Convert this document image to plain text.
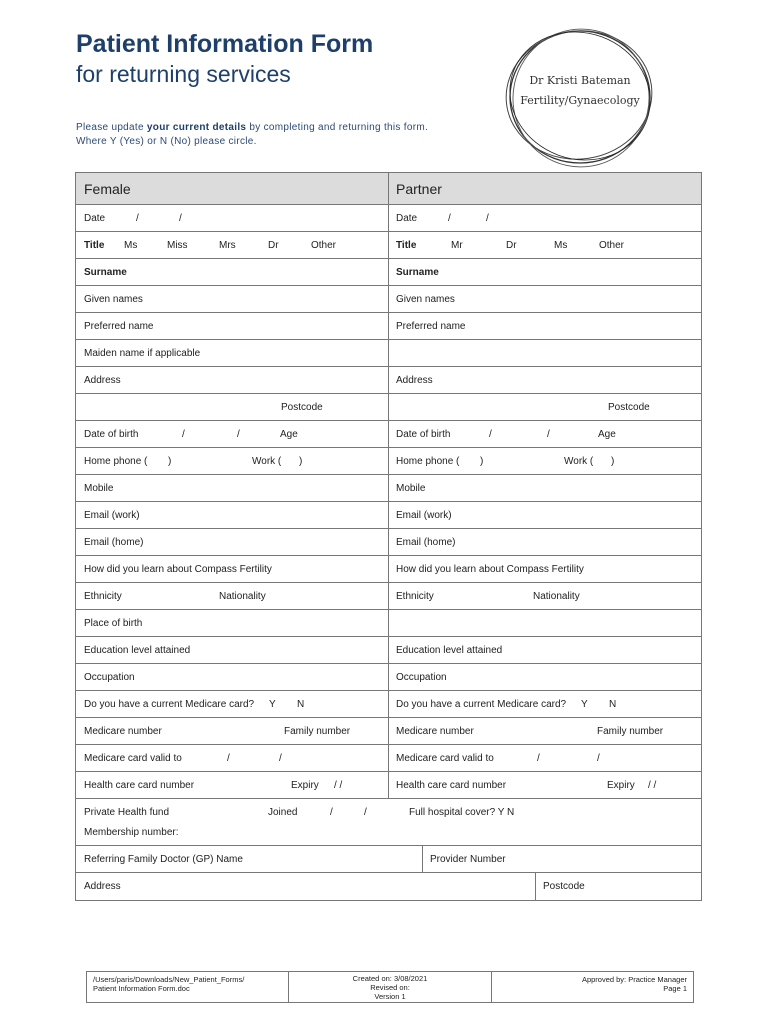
Patient Information Form
for returning services
Please update your current details by completing and returning this form. Where Y (Yes) or N (No) please circle.
Dr Kristi Bateman
Fertility/Gynaecology
Female	Partner
Date	/	/	Date	/	/
Title Ms	Miss	Mrs	Dr	Other	Title	Mr	Dr	Ms	Other
Surname	Surname
Given names	Given names
Preferred name	Preferred name
Maiden name if applicable
Address	Address
Postcode	Postcode
Date of birth	/	/	Age	Date of birth	/	/	Age
Home phone ( )	Work ( )	Home phone ( )	Work ( )
Mobile	Mobile
Email (work)	Email (work)
Email (home)	Email (home)
How did you learn about Compass Fertility	How did you learn about Compass Fertility
Ethnicity	Nationality	Ethnicity	Nationality
Place of birth
Education level attained	Education level attained
Occupation	Occupation
Do you have a current Medicare card? Y N	Do you have a current Medicare card? Y N
Medicare number	Family number	Medicare number	Family number
Medicare card valid to	/	/	Medicare card valid to	/	/
Health care card number	Expiry / /	Health care card number	Expiry / /
Private Health fund	Joined	/	/	Full hospital cover? Y N
Membership number:
Referring Family Doctor (GP) Name	Provider Number
Address	Postcode
/Users/paris/Downloads/New_Patient_Forms/
Patient Information Form.doc
Created on: 3/08/2021
Revised on:
Version 1
Approved by: Practice Manager
Page 1
